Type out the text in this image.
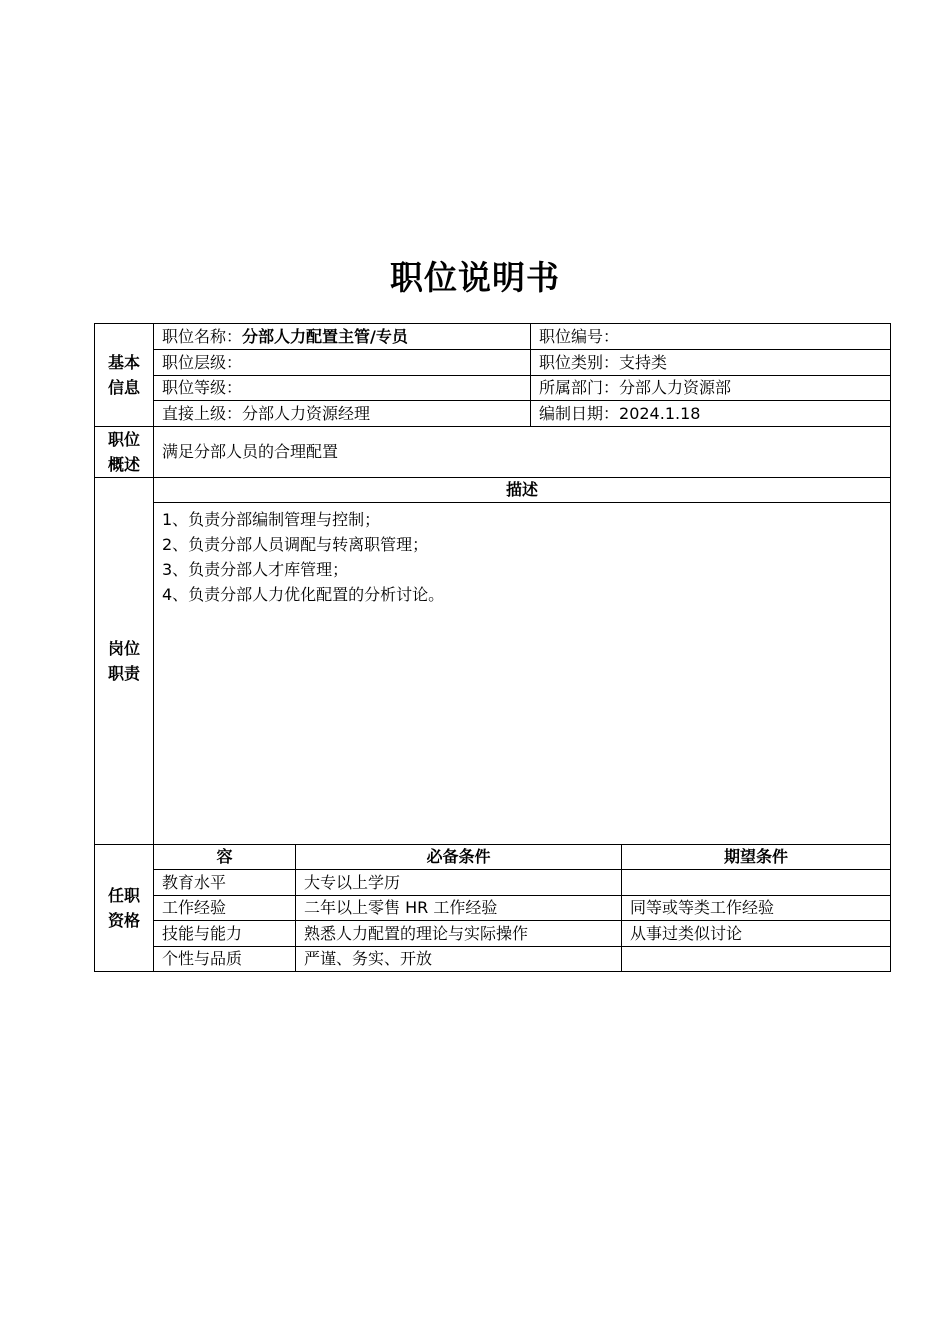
职位说明书
基本
信息	职位名称：分部人力配置主管/专员		职位编号：	
	职位层级：		职位类别：支持类	
	职位等级：		所属部门：分部人力资源部	
	直接上级：分部人力资源经理		编制日期：2024.1.18	

职位
概述	满足分部人员的合理配置			

岗位
职责	描述			

	1、负责分部编制管理与控制；
2、负责分部人员调配与转离职管理；
3、负责分部人才库管理；
4、负责分部人力优化配置的分析讨论。			

任职
资格	容	必备条件		期望条件
	教育水平	大专以上学历		
	工作经验	二年以上零售 HR 工作经验		同等或等类工作经验
	技能与能力	熟悉人力配置的理论与实际操作		从事过类似讨论
	个性与品质	严谨、务实、开放		
